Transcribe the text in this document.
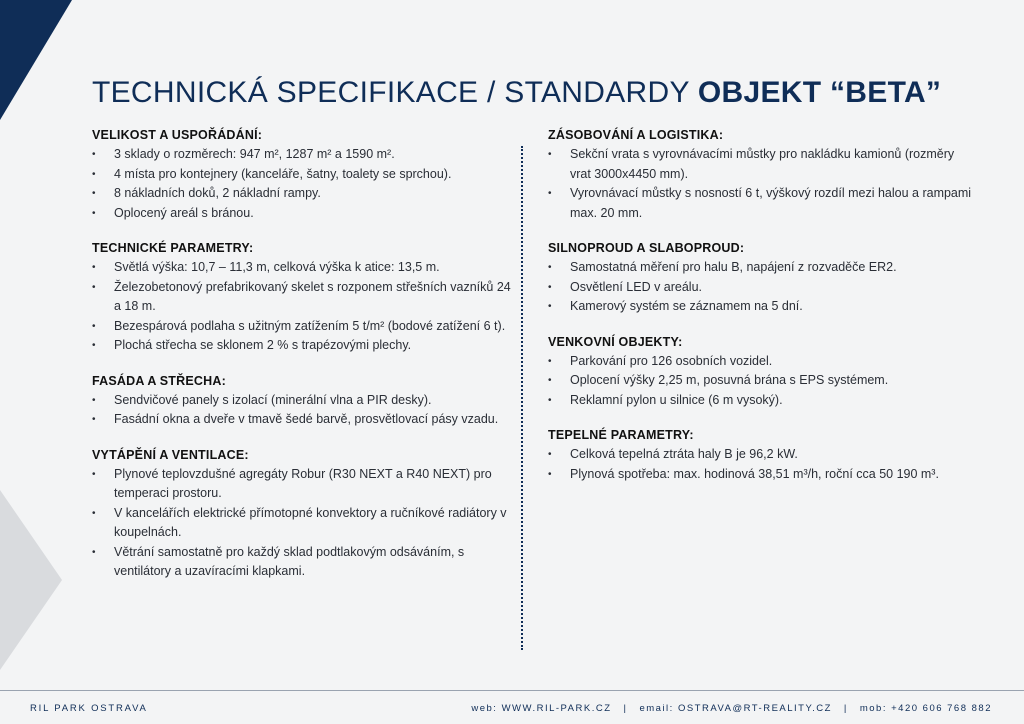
TECHNICKÁ SPECIFIKACE / STANDARDY OBJEKT “BETA”
VELIKOST A USPOŘÁDÁNÍ:
• 3 sklady o rozměrech: 947 m², 1287 m² a 1590 m².
• 4 místa pro kontejnery (kanceláře, šatny, toalety se sprchou).
• 8 nákladních doků, 2 nákladní rampy.
• Oplocený areál s bránou.
TECHNICKÉ PARAMETRY:
• Světlá výška: 10,7 – 11,3 m, celková výška k atice: 13,5 m.
• Železobetonový prefabrikovaný skelet s rozponem střešních vazníků 24 a 18 m.
• Bezespárová podlaha s užitným zatížením 5 t/m² (bodové zatížení 6 t).
• Plochá střecha se sklonem 2 % s trapézovými plechy.
FASÁDA A STŘECHA:
• Sendvičové panely s izolací (minerální vlna a PIR desky).
• Fasádní okna a dveře v tmavě šedé barvě, prosvětlovací pásy vzadu.
VYTÁPĚNÍ A VENTILACE:
• Plynové teplovzdušné agregáty Robur (R30 NEXT a R40 NEXT) pro temperaci prostoru.
• V kancelářích elektrické přímotopné konvektory a ručníkové radiátory v koupelnách.
• Větrání samostatně pro každý sklad podtlakovým odsáváním, s ventilátory a uzavíracími klapkami.
ZÁSOBOVÁNÍ A LOGISTIKA:
• Sekční vrata s vyrovnávacími můstky pro nakládku kamionů (rozměry vrat 3000x4450 mm).
• Vyrovnávací můstky s nosností 6 t, výškový rozdíl mezi halou a rampami max. 20 mm.
SILNOPROUD A SLABOPROUD:
• Samostatná měření pro halu B, napájení z rozvaděče ER2.
• Osvětlení LED v areálu.
• Kamerový systém se záznamem na 5 dní.
VENKOVNÍ OBJEKTY:
• Parkování pro 126 osobních vozidel.
• Oplocení výšky 2,25 m, posuvná brána s EPS systémem.
• Reklamní pylon u silnice (6 m vysoký).
TEPELNÉ PARAMETRY:
• Celková tepelná ztráta haly B je 96,2 kW.
• Plynová spotřeba: max. hodinová 38,51 m³/h, roční cca 50 190 m³.
RIL PARK OSTRAVA	web: WWW.RIL-PARK.CZ | email: OSTRAVA@RT-REALITY.CZ | mob: +420 606 768 882
